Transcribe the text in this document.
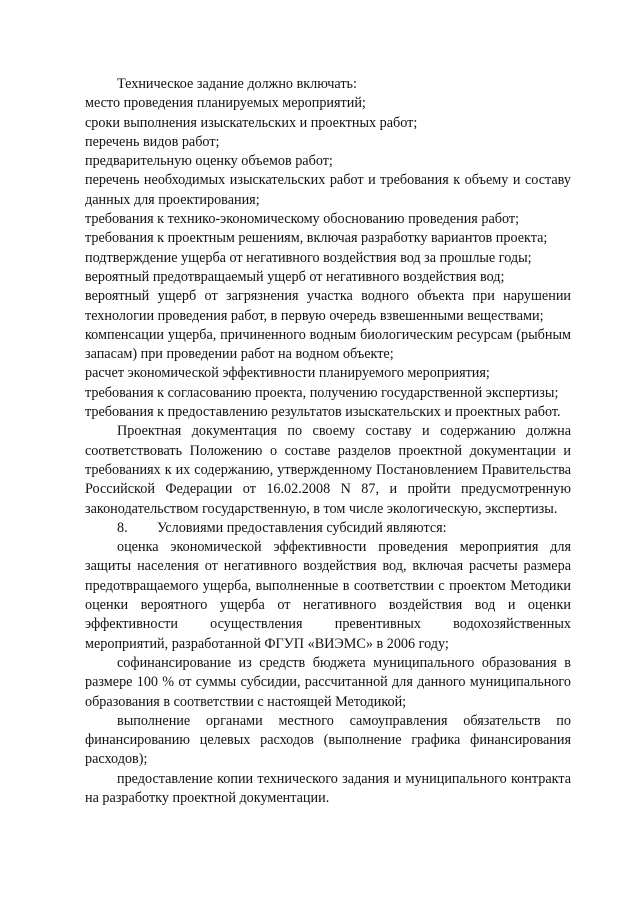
Техническое задание должно включать:

место проведения планируемых мероприятий;

сроки выполнения изыскательских и проектных работ;

перечень видов работ;

предварительную оценку объемов работ;

перечень необходимых изыскательских работ и требования к объему и составу данных для проектирования;

требования к технико-экономическому обоснованию проведения работ;

требования к проектным решениям, включая разработку вариантов проекта;

подтверждение ущерба от негативного воздействия вод за прошлые годы;

вероятный предотвращаемый ущерб от негативного воздействия вод;

вероятный ущерб от загрязнения участка водного объекта при нарушении технологии проведения работ, в первую очередь взвешенными веществами;

компенсации ущерба, причиненного водным биологическим ресурсам (рыбным запасам) при проведении работ на водном объекте;

расчет экономической эффективности планируемого мероприятия;

требования к согласованию проекта, получению государственной экспертизы;

требования к предоставлению результатов изыскательских и проектных работ.

Проектная документация по своему составу и содержанию должна соответствовать Положению о составе разделов проектной документации и требованиях к их содержанию, утвержденному Постановлением Правительства Российской Федерации от 16.02.2008 N 87, и пройти предусмотренную законодательством государственную, в том числе экологическую, экспертизы.

8. Условиями предоставления субсидий являются:

оценка экономической эффективности проведения мероприятия для защиты населения от негативного воздействия вод, включая расчеты размера предотвращаемого ущерба, выполненные в соответствии с проектом Методики оценки вероятного ущерба от негативного воздействия вод и оценки эффективности осуществления превентивных водохозяйственных мероприятий, разработанной ФГУП «ВИЭМС» в 2006 году;

софинансирование из средств бюджета муниципального образования в размере 100 % от суммы субсидии, рассчитанной для данного муниципального образования в соответствии с настоящей Методикой;

выполнение органами местного самоуправления обязательств по финансированию целевых расходов (выполнение графика финансирования расходов);

предоставление копии технического задания и муниципального контракта на разработку проектной документации.
